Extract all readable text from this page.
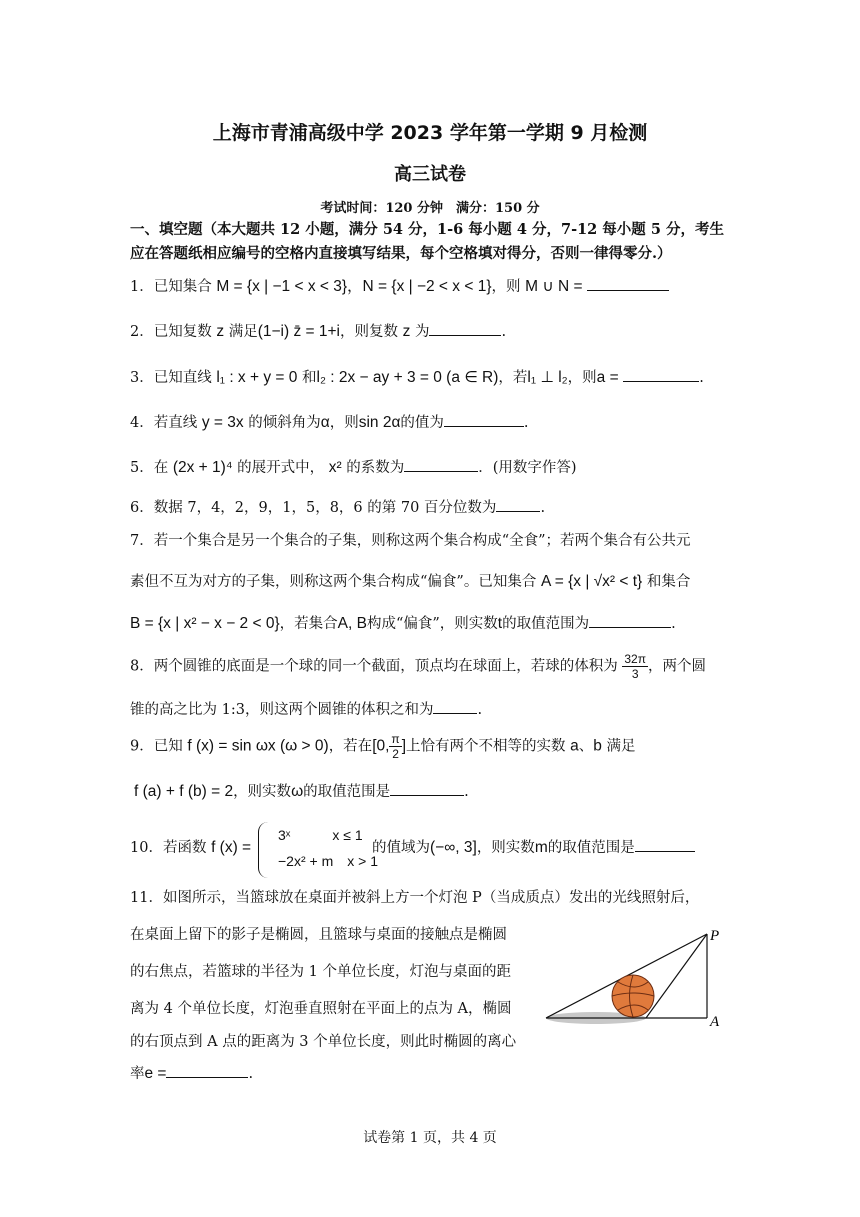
上海市青浦高级中学 2023 学年第一学期 9 月检测
高三试卷
考试时间：120 分钟　满分：150 分
一、填空题（本大题共 12 小题，满分 54 分，1-6 每小题 4 分，7-12 每小题 5 分，考生
应在答题纸相应编号的空格内直接填写结果，每个空格填对得分，否则一律得零分.）
1．已知集合 M = {x | −1 < x < 3}，N = {x | −2 < x < 1}，则 M ∪ N =
2．已知复数 z 满足(1−i) z̄ = 1+i，则复数 z 为	.
3．已知直线 l₁ : x + y = 0 和l₂ : 2x − ay + 3 = 0 (a ∈ R)，若l₁ ⊥ l₂，则a =	.
4．若直线 y = 3x 的倾斜角为α，则sin 2α的值为	.
5．在 (2x + 1)⁴ 的展开式中， x² 的系数为	．(用数字作答)
6．数据 7，4，2，9，1，5，8，6 的第 70 百分位数为	.
7．若一个集合是另一个集合的子集，则称这两个集合构成“全食”；若两个集合有公共元
素但不互为对方的子集，则称这两个集合构成“偏食”。已知集合 A = {x | √x² < t} 和集合
B = {x | x² − x − 2 < 0}，若集合A, B构成“偏食”，则实数t的取值范围为	.
8．两个圆锥的底面是一个球的同一个截面，顶点均在球面上，若球的体积为 $\frac{32\pi}{3}$ ，两个圆
锥的高之比为 1:3，则这两个圆锥的体积之和为	.
9．已知 f (x) = sin ωx (ω > 0)，若在[0, $\frac{\pi}{2}$ ]上恰有两个不相等的实数 a、b 满足
f (a) + f (b) = 2，则实数ω的取值范围是	.
10．若函数 f (x) =
3ˣ　　　x ≤ 1
−2x² + m　x > 1
的值域为(−∞, 3]，则实数m的取值范围是
11．如图所示，当篮球放在桌面并被斜上方一个灯泡 P（当成质点）发出的光线照射后，
在桌面上留下的影子是椭圆，且篮球与桌面的接触点是椭圆
的右焦点，若篮球的半径为 1 个单位长度，灯泡与桌面的距
离为 4 个单位长度，灯泡垂直照射在平面上的点为 A，椭圆
的右顶点到 A 点的距离为 3 个单位长度，则此时椭圆的离心
率e =	.
P
A
试卷第 1 页，共 4 页
